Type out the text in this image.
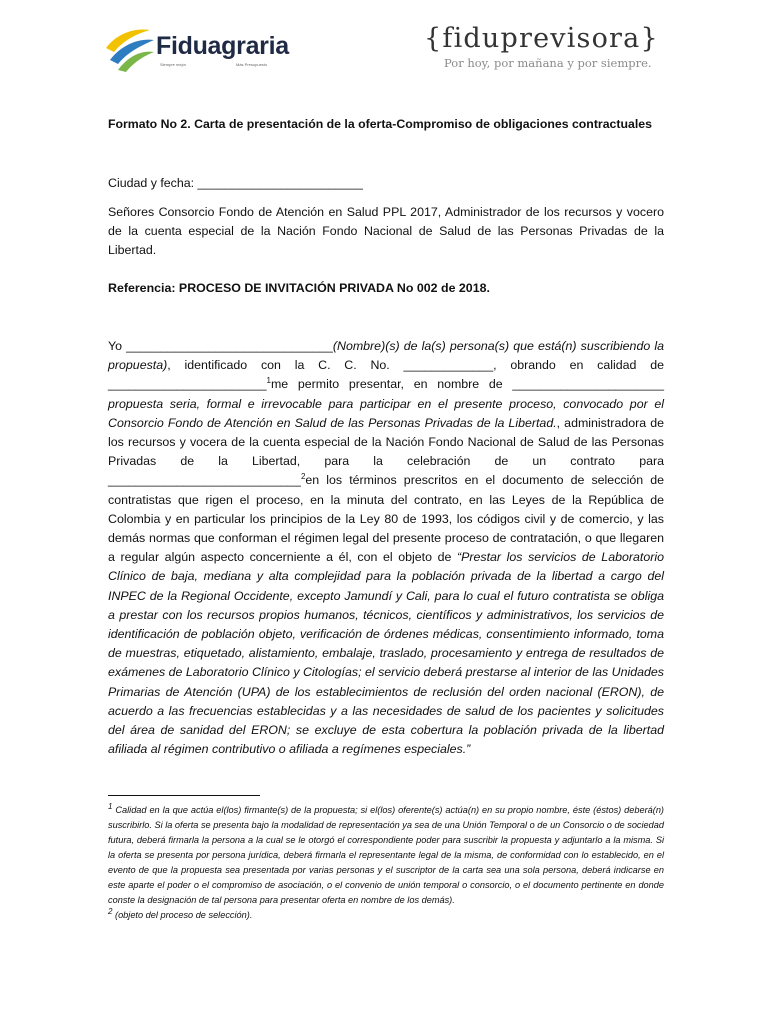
Fiduagraria
Siempre mejor	Más Presupuesto
{fiduprevisora}
Por hoy, por mañana y por siempre.
Formato No 2. Carta de presentación de la oferta-Compromiso de obligaciones contractuales
Ciudad y fecha: ________________________
Señores Consorcio Fondo de Atención en Salud PPL 2017, Administrador de los recursos y vocero de la cuenta especial de la Nación Fondo Nacional de Salud de las Personas Privadas de la Libertad.
Referencia: PROCESO DE INVITACIÓN PRIVADA No 002 de 2018.
Yo ______________________________(Nombre)(s) de la(s) persona(s) que está(n) suscribiendo la
propuesta), identificado con la C. C. No. _____________, obrando en calidad de
_______________________$^1$me permito presentar, en nombre de ______________________
propuesta seria, formal e irrevocable para participar en el presente proceso, convocado por el Consorcio Fondo de Atención en Salud de las Personas Privadas de la Libertad., administradora de los recursos y vocera de la cuenta especial de la Nación Fondo Nacional de Salud de las Personas Privadas de la Libertad, para la celebración de un contrato para ____________________________$^2$en los términos prescritos en el documento de selección de contratistas que rigen el proceso, en la minuta del contrato, en las Leyes de la República de Colombia y en particular los principios de la Ley 80 de 1993, los códigos civil y de comercio, y las demás normas que conforman el régimen legal del presente proceso de contratación, o que llegaren a regular algún aspecto concerniente a él, con el objeto de “Prestar los servicios de Laboratorio Clínico de baja, mediana y alta complejidad para la población privada de la libertad a cargo del INPEC de la Regional Occidente, excepto Jamundí y Cali, para lo cual el futuro contratista se obliga a prestar con los recursos propios humanos, técnicos, científicos y administrativos, los servicios de identificación de población objeto, verificación de órdenes médicas, consentimiento informado, toma de muestras, etiquetado, alistamiento, embalaje, traslado, procesamiento y entrega de resultados de exámenes de Laboratorio Clínico y Citologías; el servicio deberá prestarse al interior de las Unidades Primarias de Atención (UPA) de los establecimientos de reclusión del orden nacional (ERON), de acuerdo a las frecuencias establecidas y a las necesidades de salud de los pacientes y solicitudes del área de sanidad del ERON; se excluye de esta cobertura la población privada de la libertad afiliada al régimen contributivo o afiliada a regímenes especiales.”

$^1$ Calidad en la que actúa el(los) firmante(s) de la propuesta; si el(los) oferente(s) actúa(n) en su propio nombre, éste (éstos) deberá(n) suscribirlo. Si la oferta se presenta bajo la modalidad de representación ya sea de una Unión Temporal o de un Consorcio o de sociedad futura, deberá firmarla la persona a la cual se le otorgó el correspondiente poder para suscribir la propuesta y adjuntarlo a la misma. Si la oferta se presenta por persona jurídica, deberá firmarla el representante legal de la misma, de conformidad con lo establecido, en el evento de que la propuesta sea presentada por varias personas y el suscriptor de la carta sea una sola persona, deberá indicarse en este aparte el poder o el compromiso de asociación, o el convenio de unión temporal o consorcio, o el documento pertinente en donde conste la designación de tal persona para presentar oferta en nombre de los demás).

$^2$ (objeto del proceso de selección).
